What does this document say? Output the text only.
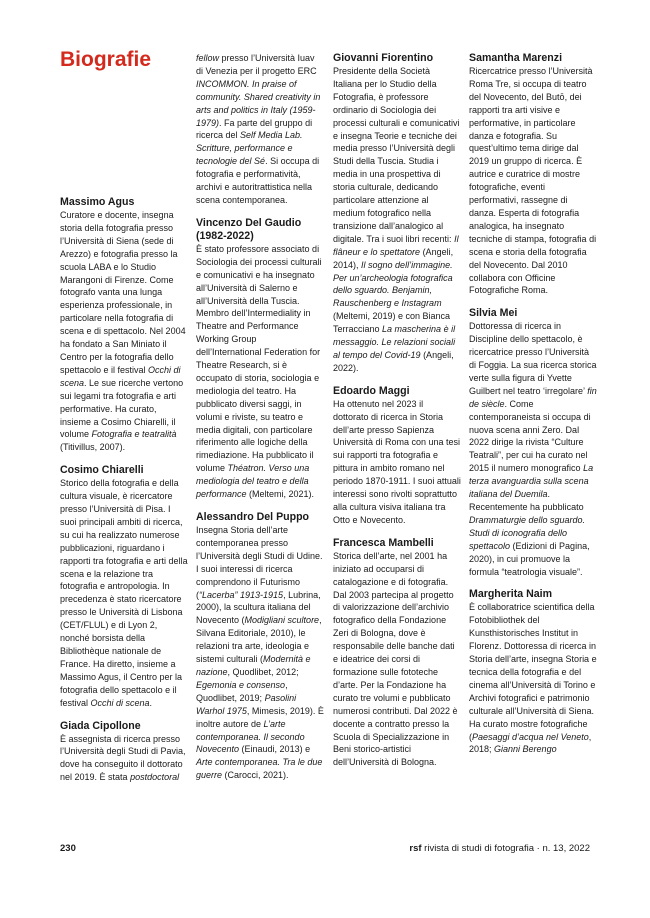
Biografie

Massimo Agus

Curatore e docente, insegna storia della fotografia presso l’Università di Siena (sede di Arezzo) e fotografia presso la scuola LABA e lo Studio Marangoni di Firenze. Come fotografo vanta una lunga esperienza professionale, in particolare nella fotografia di scena e di spettacolo. Nel 2004 ha fondato a San Miniato il Centro per la fotografia dello spettacolo e il festival Occhi di scena. Le sue ricerche vertono sui legami tra fotografia e arti performative. Ha curato, insieme a Cosimo Chiarelli, il volume Fotografia e teatralità (Titivillus, 2007).

Cosimo Chiarelli

Storico della fotografia e della cultura visuale, è ricercatore presso l’Università di Pisa. I suoi principali ambiti di ricerca, su cui ha realizzato numerose pubblicazioni, riguardano i rapporti tra fotografia e arti della scena e la relazione tra fotografia e antropologia. In precedenza è stato ricercatore presso le Università di Lisbona (CET/FLUL) e di Lyon 2, nonché borsista della Bibliothèque nationale de France. Ha diretto, insieme a Massimo Agus, il Centro per la fotografia dello spettacolo e il festival Occhi di scena.

Giada Cipollone

È assegnista di ricerca presso l’Università degli Studi di Pavia, dove ha conseguito il dottorato nel 2019. È stata postdoctoral

fellow presso l’Università Iuav di Venezia per il progetto ERC INCOMMON. In praise of community. Shared creativity in arts and politics in Italy (1959-1979). Fa parte del gruppo di ricerca del Self Media Lab. Scritture, performance e tecnologie del Sé. Si occupa di fotografia e performatività, archivi e autoritrattistica nella scena contemporanea.

Vincenzo Del Gaudio

(1982-2022)

È stato professore associato di Sociologia dei processi culturali e comunicativi e ha insegnato all’Università di Salerno e all’Università della Tuscia. Membro dell’Intermediality in Theatre and Performance Working Group dell’International Federation for Theatre Research, si è occupato di storia, sociologia e mediologia del teatro. Ha pubblicato diversi saggi, in volumi e riviste, su teatro e media digitali, con particolare riferimento alle logiche della rimediazione. Ha pubblicato il volume Théatron. Verso una mediologia del teatro e della performance (Meltemi, 2021).

Alessandro Del Puppo

Insegna Storia dell’arte contemporanea presso l’Università degli Studi di Udine. I suoi interessi di ricerca comprendono il Futurismo (“Lacerba” 1913-1915, Lubrina, 2000), la scultura italiana del Novecento (Modigliani scultore, Silvana Editoriale, 2010), le relazioni tra arte, ideologia e sistemi culturali (Modernità e nazione, Quodlibet, 2012; Egemonia e consenso, Quodlibet, 2019; Pasolini Warhol 1975, Mimesis, 2019). È inoltre autore de L’arte contemporanea. Il secondo Novecento (Einaudi, 2013) e Arte contemporanea. Tra le due guerre (Carocci, 2021).

Giovanni Fiorentino

Presidente della Società Italiana per lo Studio della Fotografia, è professore ordinario di Sociologia dei processi culturali e comunicativi e insegna Teorie e tecniche dei media presso l’Università degli Studi della Tuscia. Studia i media in una prospettiva di storia culturale, dedicando particolare attenzione al medium fotografico nella transizione dall’analogico al digitale. Tra i suoi libri recenti: Il flâneur e lo spettatore (Angeli, 2014), Il sogno dell’immagine. Per un’archeologia fotografica dello sguardo. Benjamin, Rauschenberg e Instagram (Meltemi, 2019) e con Bianca Terracciano La mascherina è il messaggio. Le relazioni sociali al tempo del Covid-19 (Angeli, 2022).

Edoardo Maggi

Ha ottenuto nel 2023 il dottorato di ricerca in Storia dell’arte presso Sapienza Università di Roma con una tesi sui rapporti tra fotografia e pittura in ambito romano nel periodo 1870-1911. I suoi attuali interessi sono rivolti soprattutto alla cultura visiva italiana tra Otto e Novecento.

Francesca Mambelli

Storica dell’arte, nel 2001 ha iniziato ad occuparsi di catalogazione e di fotografia. Dal 2003 partecipa al progetto di valorizzazione dell’archivio fotografico della Fondazione Zeri di Bologna, dove è responsabile delle banche dati e ideatrice dei corsi di formazione sulle fototeche d’arte. Per la Fondazione ha curato tre volumi e pubblicato numerosi contributi. Dal 2022 è docente a contratto presso la Scuola di Specializzazione in Beni storico-artistici dell’Università di Bologna.

Samantha Marenzi

Ricercatrice presso l’Università Roma Tre, si occupa di teatro del Novecento, del Butō, dei rapporti tra arti visive e performative, in particolare danza e fotografia. Su quest’ultimo tema dirige dal 2019 un gruppo di ricerca. È autrice e curatrice di mostre fotografiche, eventi performativi, rassegne di danza. Esperta di fotografia analogica, ha insegnato tecniche di stampa, fotografia di scena e storia della fotografia del Novecento. Dal 2010 collabora con Officine Fotografiche Roma.

Silvia Mei

Dottoressa di ricerca in Discipline dello spettacolo, è ricercatrice presso l’Università di Foggia. La sua ricerca storica verte sulla figura di Yvette Guilbert nel teatro ‘irregolare’ fin de siècle. Come contemporaneista si occupa di nuova scena anni Zero. Dal 2022 dirige la rivista “Culture Teatrali”, per cui ha curato nel 2015 il numero monografico La terza avanguardia sulla scena italiana del Duemila. Recentemente ha pubblicato Drammaturgie dello sguardo. Studi di iconografia dello spettacolo (Edizioni di Pagina, 2020), in cui promuove la formula “teatrologia visuale”.

Margherita Naim

È collaboratrice scientifica della Fotobibliothek del Kunsthistorisches Institut in Florenz. Dottoressa di ricerca in Storia dell’arte, insegna Storia e tecnica della fotografia e del cinema all’Università di Torino e Archivi fotografici e patrimonio culturale all’Università di Siena. Ha curato mostre fotografiche (Paesaggi d’acqua nel Veneto, 2018; Gianni Berengo

230	rsf rivista di studi di fotografia · n. 13, 2022
